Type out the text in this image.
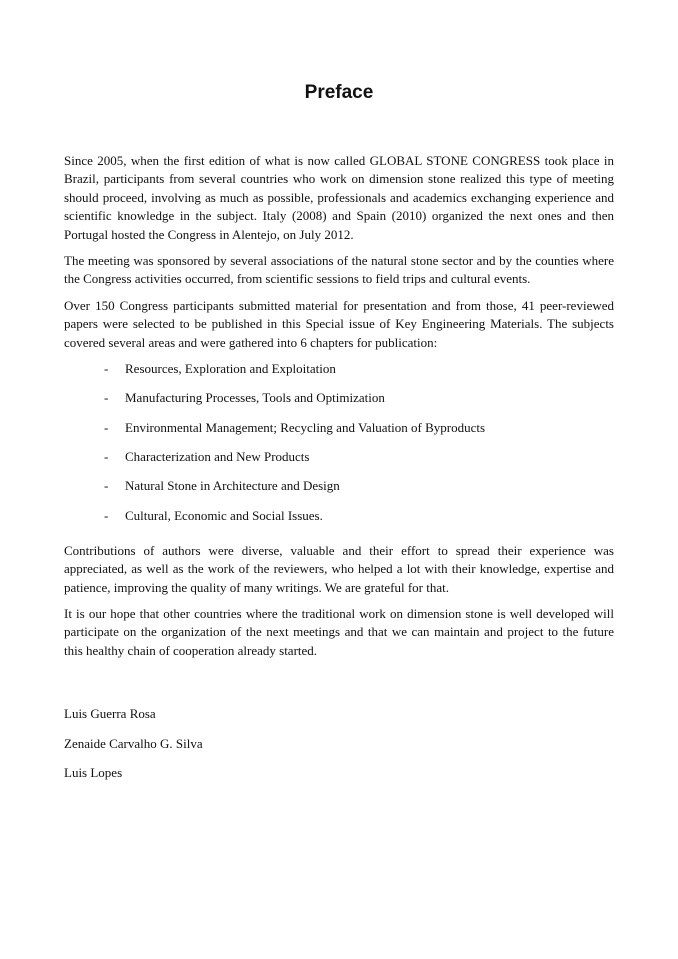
Preface

Since 2005, when the first edition of what is now called GLOBAL STONE CONGRESS took place in Brazil, participants from several countries who work on dimension stone realized this type of meeting should proceed, involving as much as possible, professionals and academics exchanging experience and scientific knowledge in the subject. Italy (2008) and Spain (2010) organized the next ones and then Portugal hosted the Congress in Alentejo, on July 2012.

The meeting was sponsored by several associations of the natural stone sector and by the counties where the Congress activities occurred, from scientific sessions to field trips and cultural events.

Over 150 Congress participants submitted material for presentation and from those, 41 peer-reviewed papers were selected to be published in this Special issue of Key Engineering Materials. The subjects covered several areas and were gathered into 6 chapters for publication:

- Resources, Exploration and Exploitation
- Manufacturing Processes, Tools and Optimization
- Environmental Management; Recycling and Valuation of Byproducts
- Characterization and New Products
- Natural Stone in Architecture and Design
- Cultural, Economic and Social Issues.

Contributions of authors were diverse, valuable and their effort to spread their experience was appreciated, as well as the work of the reviewers, who helped a lot with their knowledge, expertise and patience, improving the quality of many writings. We are grateful for that.

It is our hope that other countries where the traditional work on dimension stone is well developed will participate on the organization of the next meetings and that we can maintain and project to the future this healthy chain of cooperation already started.

Luis Guerra Rosa
Zenaide Carvalho G. Silva
Luis Lopes
